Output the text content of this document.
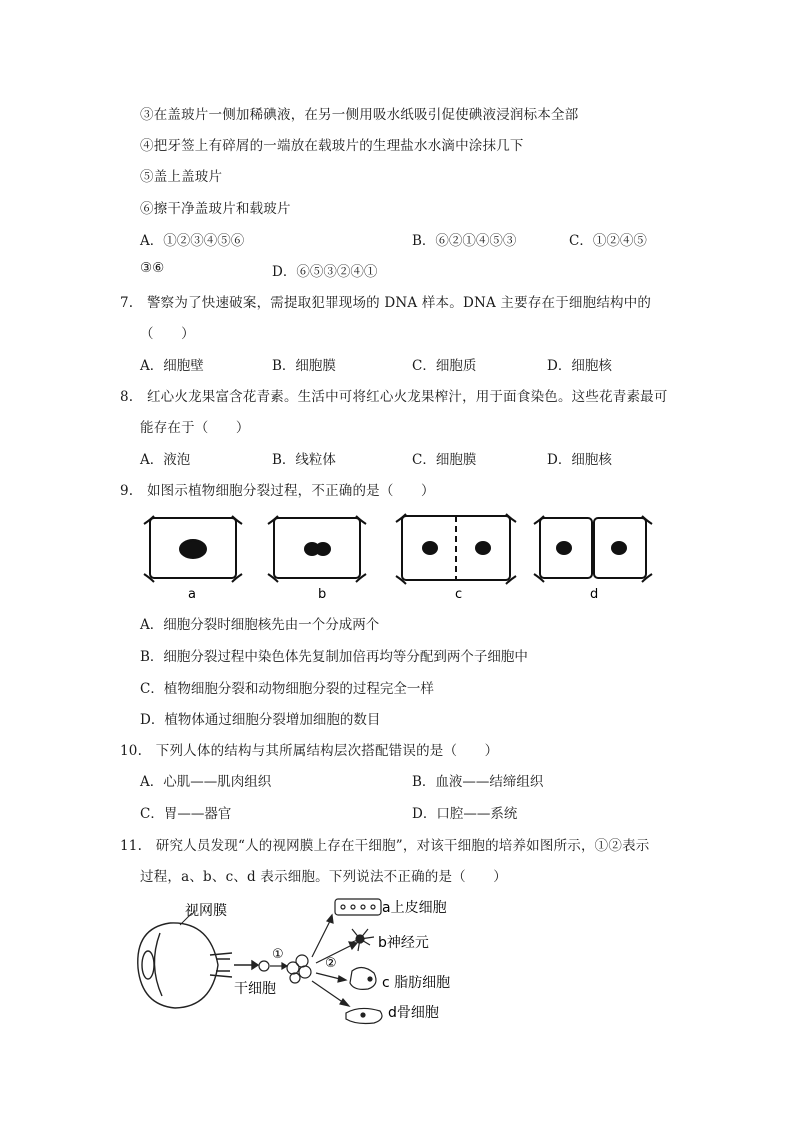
③在盖玻片一侧加稀碘液，在另一侧用吸水纸吸引促使碘液浸润标本全部
④把牙签上有碎屑的一端放在载玻片的生理盐水水滴中涂抹几下
⑤盖上盖玻片
⑥擦干净盖玻片和载玻片
A．①②③④⑤⑥	B．⑥②①④⑤③	C．①②④⑤
③⑥	D．⑥⑤③②④①
7.　警察为了快速破案，需提取犯罪现场的 DNA 样本。DNA 主要存在于细胞结构中的
（　　）
A．细胞壁	B．细胞膜	C．细胞质	D．细胞核
8.　红心火龙果富含花青素。生活中可将红心火龙果榨汁，用于面食染色。这些花青素最可
能存在于（　　）
A．液泡	B．线粒体	C．细胞膜	D．细胞核
9.　如图示植物细胞分裂过程，不正确的是（　　）
a	b	c	d
A．细胞分裂时细胞核先由一个分成两个
B．细胞分裂过程中染色体先复制加倍再均等分配到两个子细胞中
C．植物细胞分裂和动物细胞分裂的过程完全一样
D．植物体通过细胞分裂增加细胞的数目
10.　下列人体的结构与其所属结构层次搭配错误的是（　　）
A．心肌——肌肉组织	B．血液——结缔组织
C．胃——器官	D．口腔——系统
11.　研究人员发现“人的视网膜上存在干细胞”，对该干细胞的培养如图所示，①②表示
过程，a、b、c、d 表示细胞。下列说法不正确的是（　　）
视网膜
干细胞
①
②
a上皮细胞
b神经元
c 脂肪细胞
d骨细胞
